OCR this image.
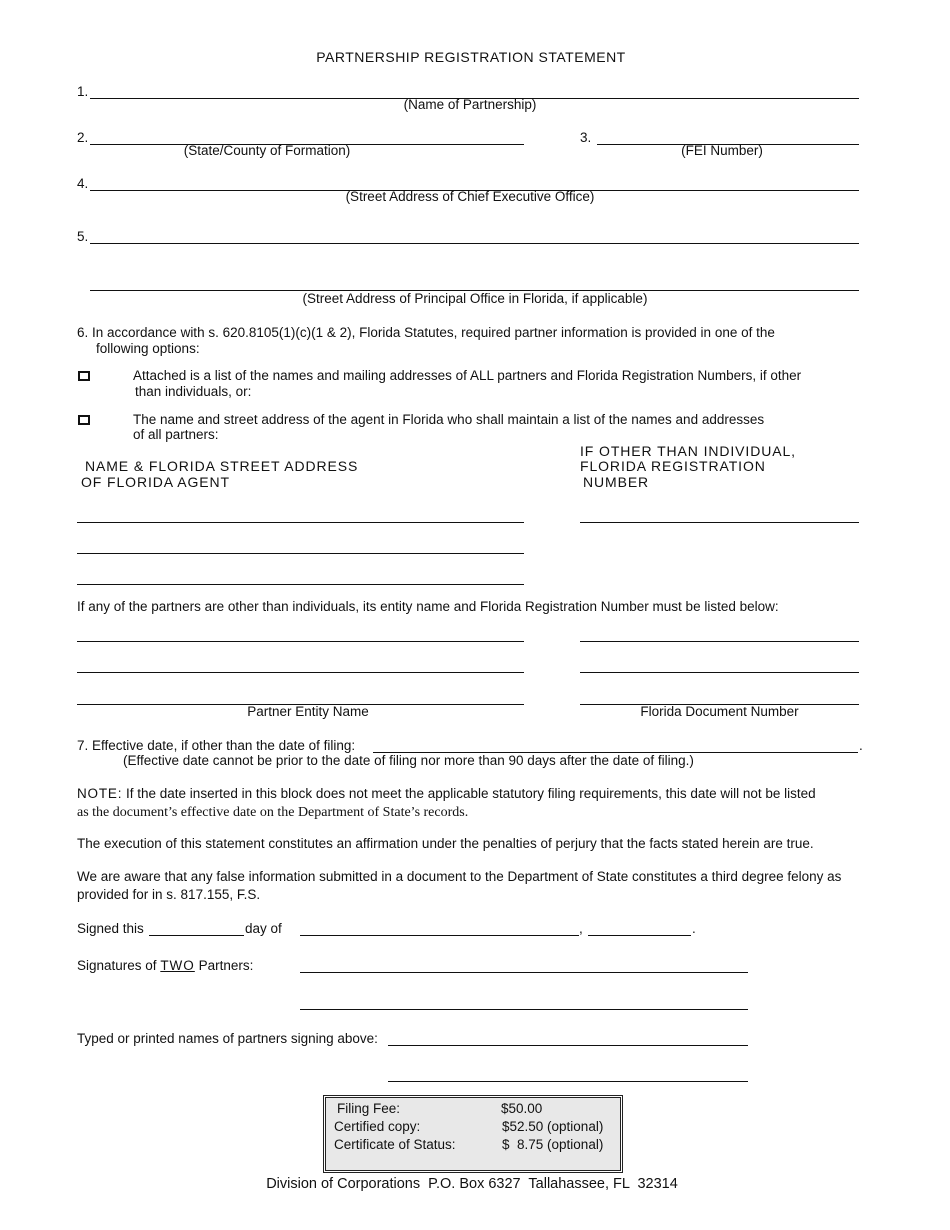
PARTNERSHIP REGISTRATION STATEMENT
1.
(Name of Partnership)
2.
(State/County of Formation)
3.
(FEI Number)
4.
(Street Address of Chief Executive Office)
5.
(Street Address of Principal Office in Florida, if applicable)
6. In accordance with s. 620.8105(1)(c)(1 & 2), Florida Statutes, required partner information is provided in one of the
following options:
Attached is a list of the names and mailing addresses of ALL partners and Florida Registration Numbers, if other
than individuals, or:
The name and street address of the agent in Florida who shall maintain a list of the names and addresses
of all partners:
NAME & FLORIDA STREET ADDRESS
OF FLORIDA AGENT
IF OTHER THAN INDIVIDUAL,
FLORIDA REGISTRATION
NUMBER
If any of the partners are other than individuals, its entity name and Florida Registration Number must be listed below:
Partner Entity Name	Florida Document Number
7. Effective date, if other than the date of filing:	.
(Effective date cannot be prior to the date of filing nor more than 90 days after the date of filing.)
NOTE: If the date inserted in this block does not meet the applicable statutory filing requirements, this date will not be listed
as the document’s effective date on the Department of State’s records.
The execution of this statement constitutes an affirmation under the penalties of perjury that the facts stated herein are true.
We are aware that any false information submitted in a document to the Department of State constitutes a third degree felony as
provided for in s. 817.155, F.S.
Signed this	day of	,	.
Signatures of TWO Partners:
Typed or printed names of partners signing above:
Filing Fee:	$50.00
Certified copy:	$52.50 (optional)
Certificate of Status:	$  8.75 (optional)
Division of Corporations  P.O. Box 6327  Tallahassee, FL  32314
